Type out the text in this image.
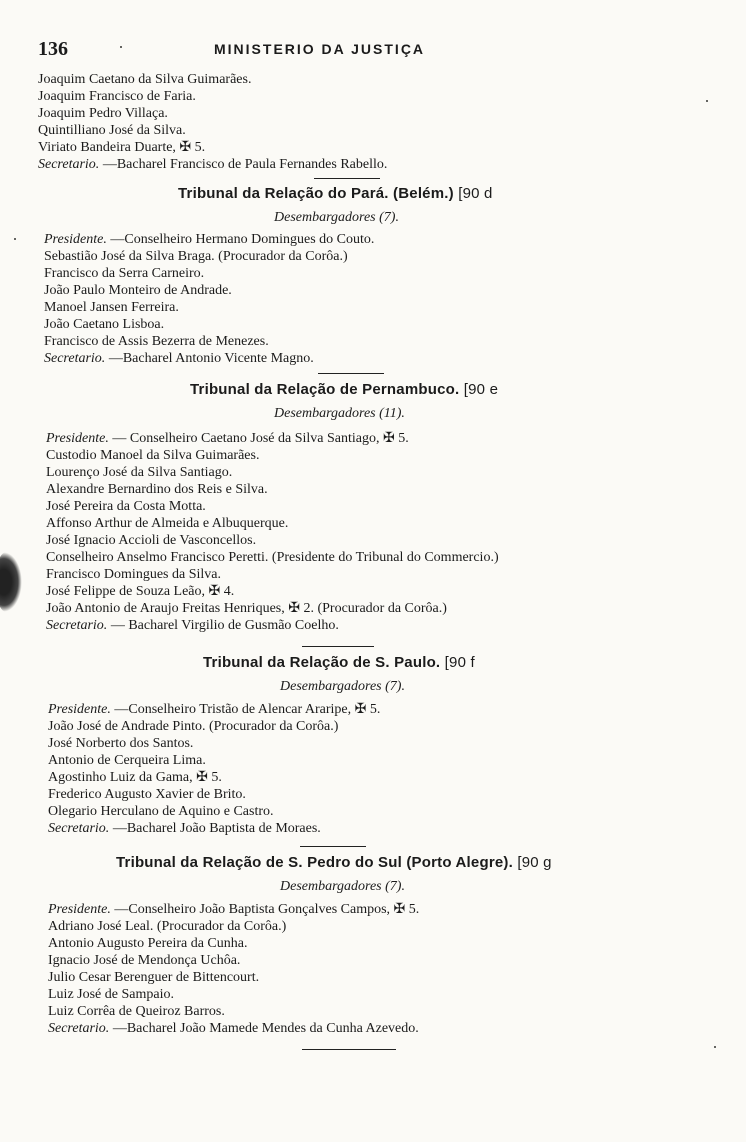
136	MINISTERIO DA JUSTIÇA
Joaquim Caetano da Silva Guimarães.
Joaquim Francisco de Faria.
Joaquim Pedro Villaça.
Quintilliano José da Silva.
Viriato Bandeira Duarte, ✠ 5.
Secretario. —Bacharel Francisco de Paula Fernandes Rabello.
Tribunal da Relação do Pará. (Belém.) [90 d
Desembargadores (7).
Presidente. —Conselheiro Hermano Domingues do Couto.
Sebastião José da Silva Braga. (Procurador da Corôa.)
Francisco da Serra Carneiro.
João Paulo Monteiro de Andrade.
Manoel Jansen Ferreira.
João Caetano Lisboa.
Francisco de Assis Bezerra de Menezes.
Secretario. —Bacharel Antonio Vicente Magno.
Tribunal da Relação de Pernambuco. [90 e
Desembargadores (11).
Presidente. — Conselheiro Caetano José da Silva Santiago, ✠ 5.
Custodio Manoel da Silva Guimarães.
Lourenço José da Silva Santiago.
Alexandre Bernardino dos Reis e Silva.
José Pereira da Costa Motta.
Affonso Arthur de Almeida e Albuquerque.
José Ignacio Accioli de Vasconcellos.
Conselheiro Anselmo Francisco Peretti. (Presidente do Tribunal do Commercio.)
Francisco Domingues da Silva.
José Felippe de Souza Leão, ✠ 4.
João Antonio de Araujo Freitas Henriques, ✠ 2. (Procurador da Corôa.)
Secretario. — Bacharel Virgilio de Gusmão Coelho.
Tribunal da Relação de S. Paulo. [90 f
Desembargadores (7).
Presidente. —Conselheiro Tristão de Alencar Araripe, ✠ 5.
João José de Andrade Pinto. (Procurador da Corôa.)
José Norberto dos Santos.
Antonio de Cerqueira Lima.
Agostinho Luiz da Gama, ✠ 5.
Frederico Augusto Xavier de Brito.
Olegario Herculano de Aquino e Castro.
Secretario. —Bacharel João Baptista de Moraes.
Tribunal da Relação de S. Pedro do Sul (Porto Alegre). [90 g
Desembargadores (7).
Presidente. —Conselheiro João Baptista Gonçalves Campos, ✠ 5.
Adriano José Leal. (Procurador da Corôa.)
Antonio Augusto Pereira da Cunha.
Ignacio José de Mendonça Uchôa.
Julio Cesar Berenguer de Bittencourt.
Luiz José de Sampaio.
Luiz Corrêa de Queiroz Barros.
Secretario. —Bacharel João Mamede Mendes da Cunha Azevedo.
